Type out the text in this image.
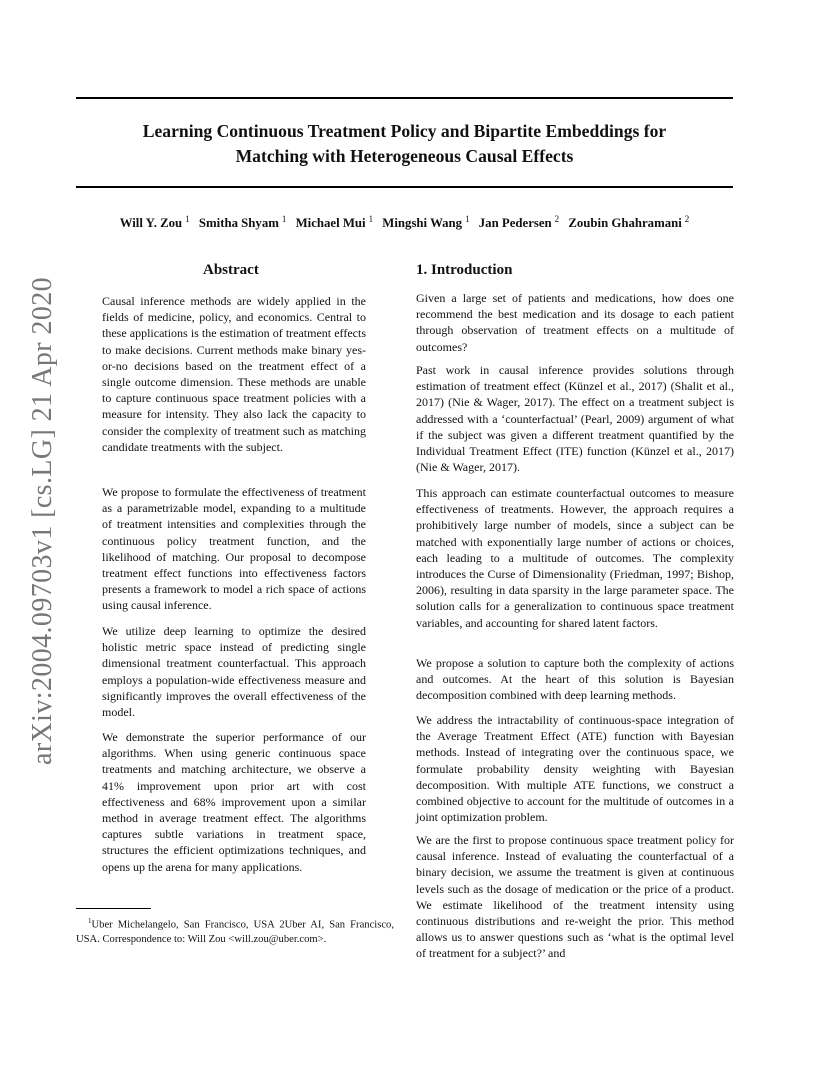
Learning Continuous Treatment Policy and Bipartite Embeddings for
Matching with Heterogeneous Causal Effects
Will Y. Zou $^1$ Smitha Shyam $^1$ Michael Mui $^1$ Mingshi Wang $^1$ Jan Pedersen $^2$ Zoubin Ghahramani $^2$
arXiv:2004.09703v1 [cs.LG] 21 Apr 2020
Abstract
Causal inference methods are widely applied in the fields of medicine, policy, and economics. Central to these applications is the estimation of treatment effects to make decisions. Current methods make binary yes-or-no decisions based on the treatment effect of a single outcome dimension. These methods are unable to capture continuous space treatment policies with a measure for intensity. They also lack the capacity to consider the complexity of treatment such as matching candidate treatments with the subject.
We propose to formulate the effectiveness of treatment as a parametrizable model, expanding to a multitude of treatment intensities and complexities through the continuous policy treatment function, and the likelihood of matching. Our proposal to decompose treatment effect functions into effectiveness factors presents a framework to model a rich space of actions using causal inference.
We utilize deep learning to optimize the desired holistic metric space instead of predicting single dimensional treatment counterfactual. This approach employs a population-wide effectiveness measure and significantly improves the overall effectiveness of the model.
We demonstrate the superior performance of our algorithms. When using generic continuous space treatments and matching architecture, we observe a 41% improvement upon prior art with cost effectiveness and 68% improvement upon a similar method in average treatment effect. The algorithms captures subtle variations in treatment space, structures the efficient optimizations techniques, and opens up the arena for many applications.
$^1$Uber Michelangelo, San Francisco, USA 2Uber AI, San Francisco, USA. Correspondence to: Will Zou <will.zou@uber.com>.
1. Introduction
Given a large set of patients and medications, how does one recommend the best medication and its dosage to each patient through observation of treatment effects on a multitude of outcomes?
Past work in causal inference provides solutions through estimation of treatment effect (Künzel et al., 2017) (Shalit et al., 2017) (Nie & Wager, 2017). The effect on a treatment subject is addressed with a ‘counterfactual’ (Pearl, 2009) argument of what if the subject was given a different treatment quantified by the Individual Treatment Effect (ITE) function (Künzel et al., 2017) (Nie & Wager, 2017).
This approach can estimate counterfactual outcomes to measure effectiveness of treatments. However, the approach requires a prohibitively large number of models, since a subject can be matched with exponentially large number of actions or choices, each leading to a multitude of outcomes. The complexity introduces the Curse of Dimensionality (Friedman, 1997; Bishop, 2006), resulting in data sparsity in the large parameter space. The solution calls for a generalization to continuous space treatment variables, and accounting for shared latent factors.
We propose a solution to capture both the complexity of actions and outcomes. At the heart of this solution is Bayesian decomposition combined with deep learning methods.
We address the intractability of continuous-space integration of the Average Treatment Effect (ATE) function with Bayesian methods. Instead of integrating over the continuous space, we formulate probability density weighting with Bayesian decomposition. With multiple ATE functions, we construct a combined objective to account for the multitude of outcomes in a joint optimization problem.
We are the first to propose continuous space treatment policy for causal inference. Instead of evaluating the counterfactual of a binary decision, we assume the treatment is given at continuous levels such as the dosage of medication or the price of a product. We estimate likelihood of the treatment intensity using continuous distributions and re-weight the prior. This method allows us to answer questions such as ‘what is the optimal level of treatment for a subject?’ and
